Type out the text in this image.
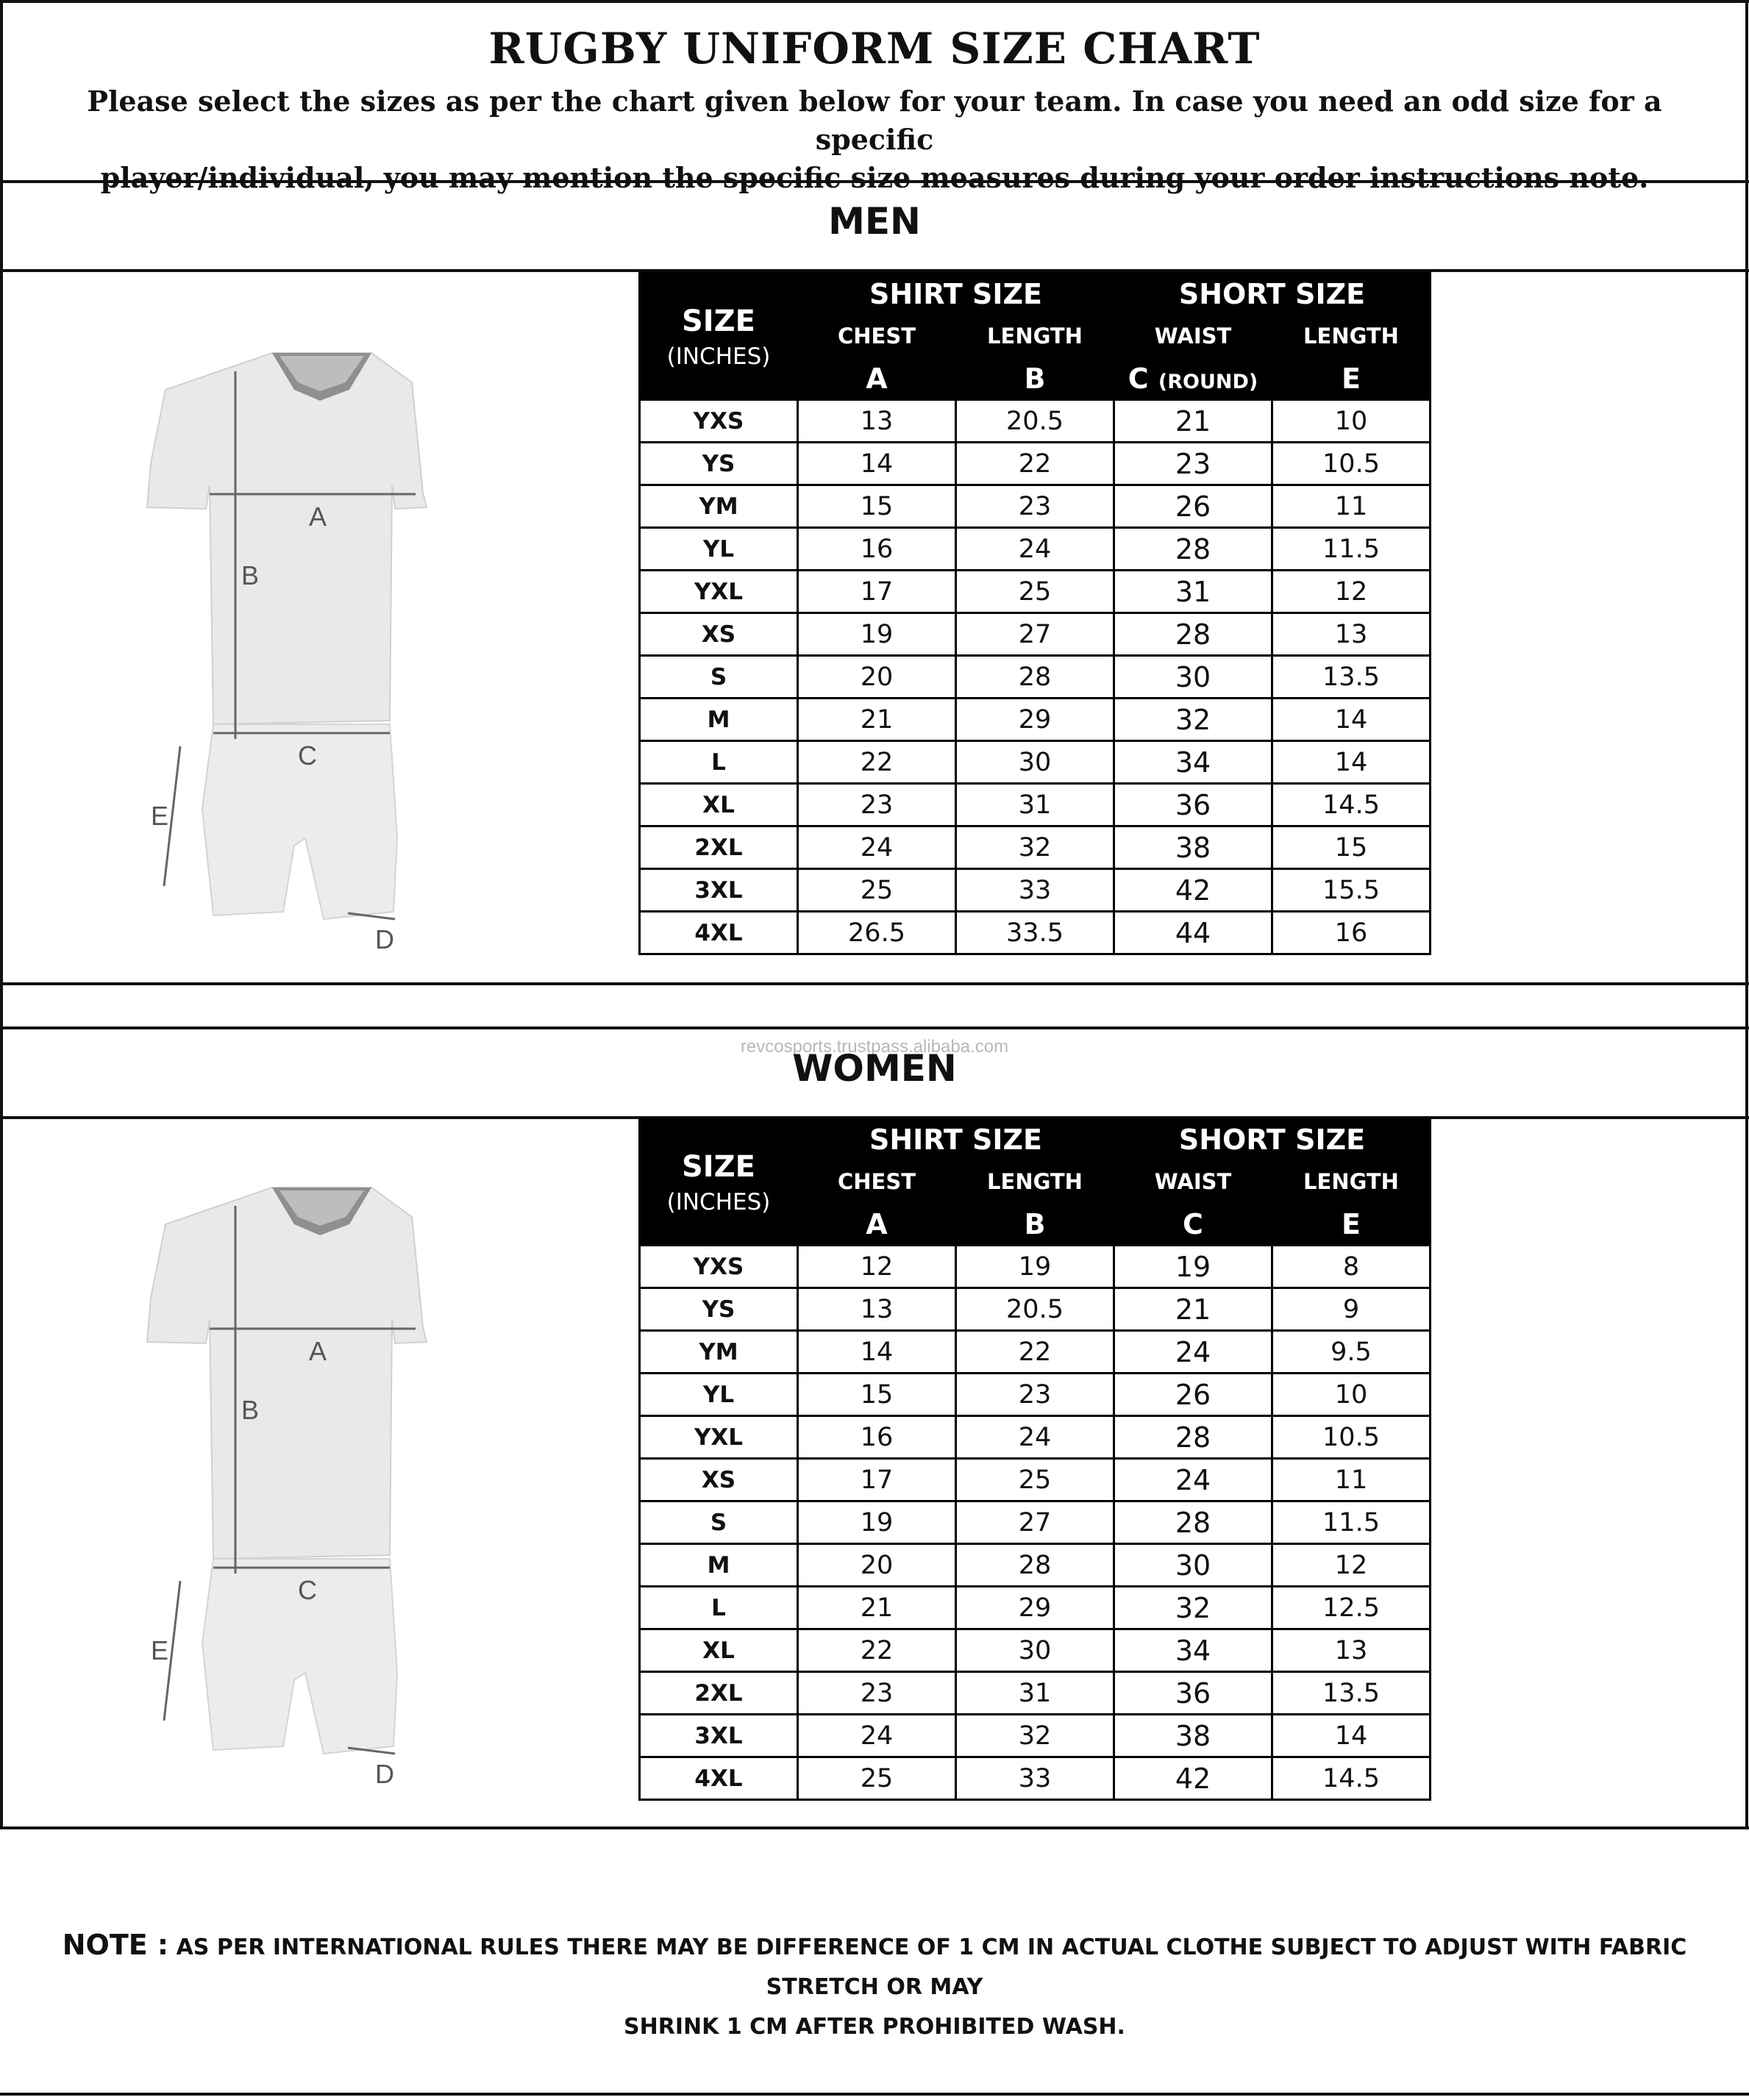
RUGBY UNIFORM SIZE CHART
Please select the sizes as per the chart given below for your team. In case you need an odd size for a specific
player/individual, you may mention the specific size measures during your order instructions note.
MEN
A
B
C
E
D
SIZE
(INCHES)	SHIRT SIZE		SHORT SIZE	
	CHEST	LENGTH	WAIST	LENGTH
	A	B	C (ROUND)	E
YXS	13	20.5	21	10
YS	14	22	23	10.5
YM	15	23	26	11
YL	16	24	28	11.5
YXL	17	25	31	12
XS	19	27	28	13
S	20	28	30	13.5
M	21	29	32	14
L	22	30	34	14
XL	23	31	36	14.5
2XL	24	32	38	15
3XL	25	33	42	15.5
4XL	26.5	33.5	44	16
revcosports.trustpass.alibaba.com
WOMEN
A
B
C
E
D
SIZE
(INCHES)	SHIRT SIZE		SHORT SIZE	
	CHEST	LENGTH	WAIST	LENGTH
	A	B	C	E
YXS	12	19	19	8
YS	13	20.5	21	9
YM	14	22	24	9.5
YL	15	23	26	10
YXL	16	24	28	10.5
XS	17	25	24	11
S	19	27	28	11.5
M	20	28	30	12
L	21	29	32	12.5
XL	22	30	34	13
2XL	23	31	36	13.5
3XL	24	32	38	14
4XL	25	33	42	14.5
NOTE : AS PER INTERNATIONAL RULES THERE MAY BE DIFFERENCE OF 1 CM IN ACTUAL CLOTHE SUBJECT TO ADJUST WITH FABRIC STRETCH OR MAY
SHRINK 1 CM AFTER PROHIBITED WASH.
